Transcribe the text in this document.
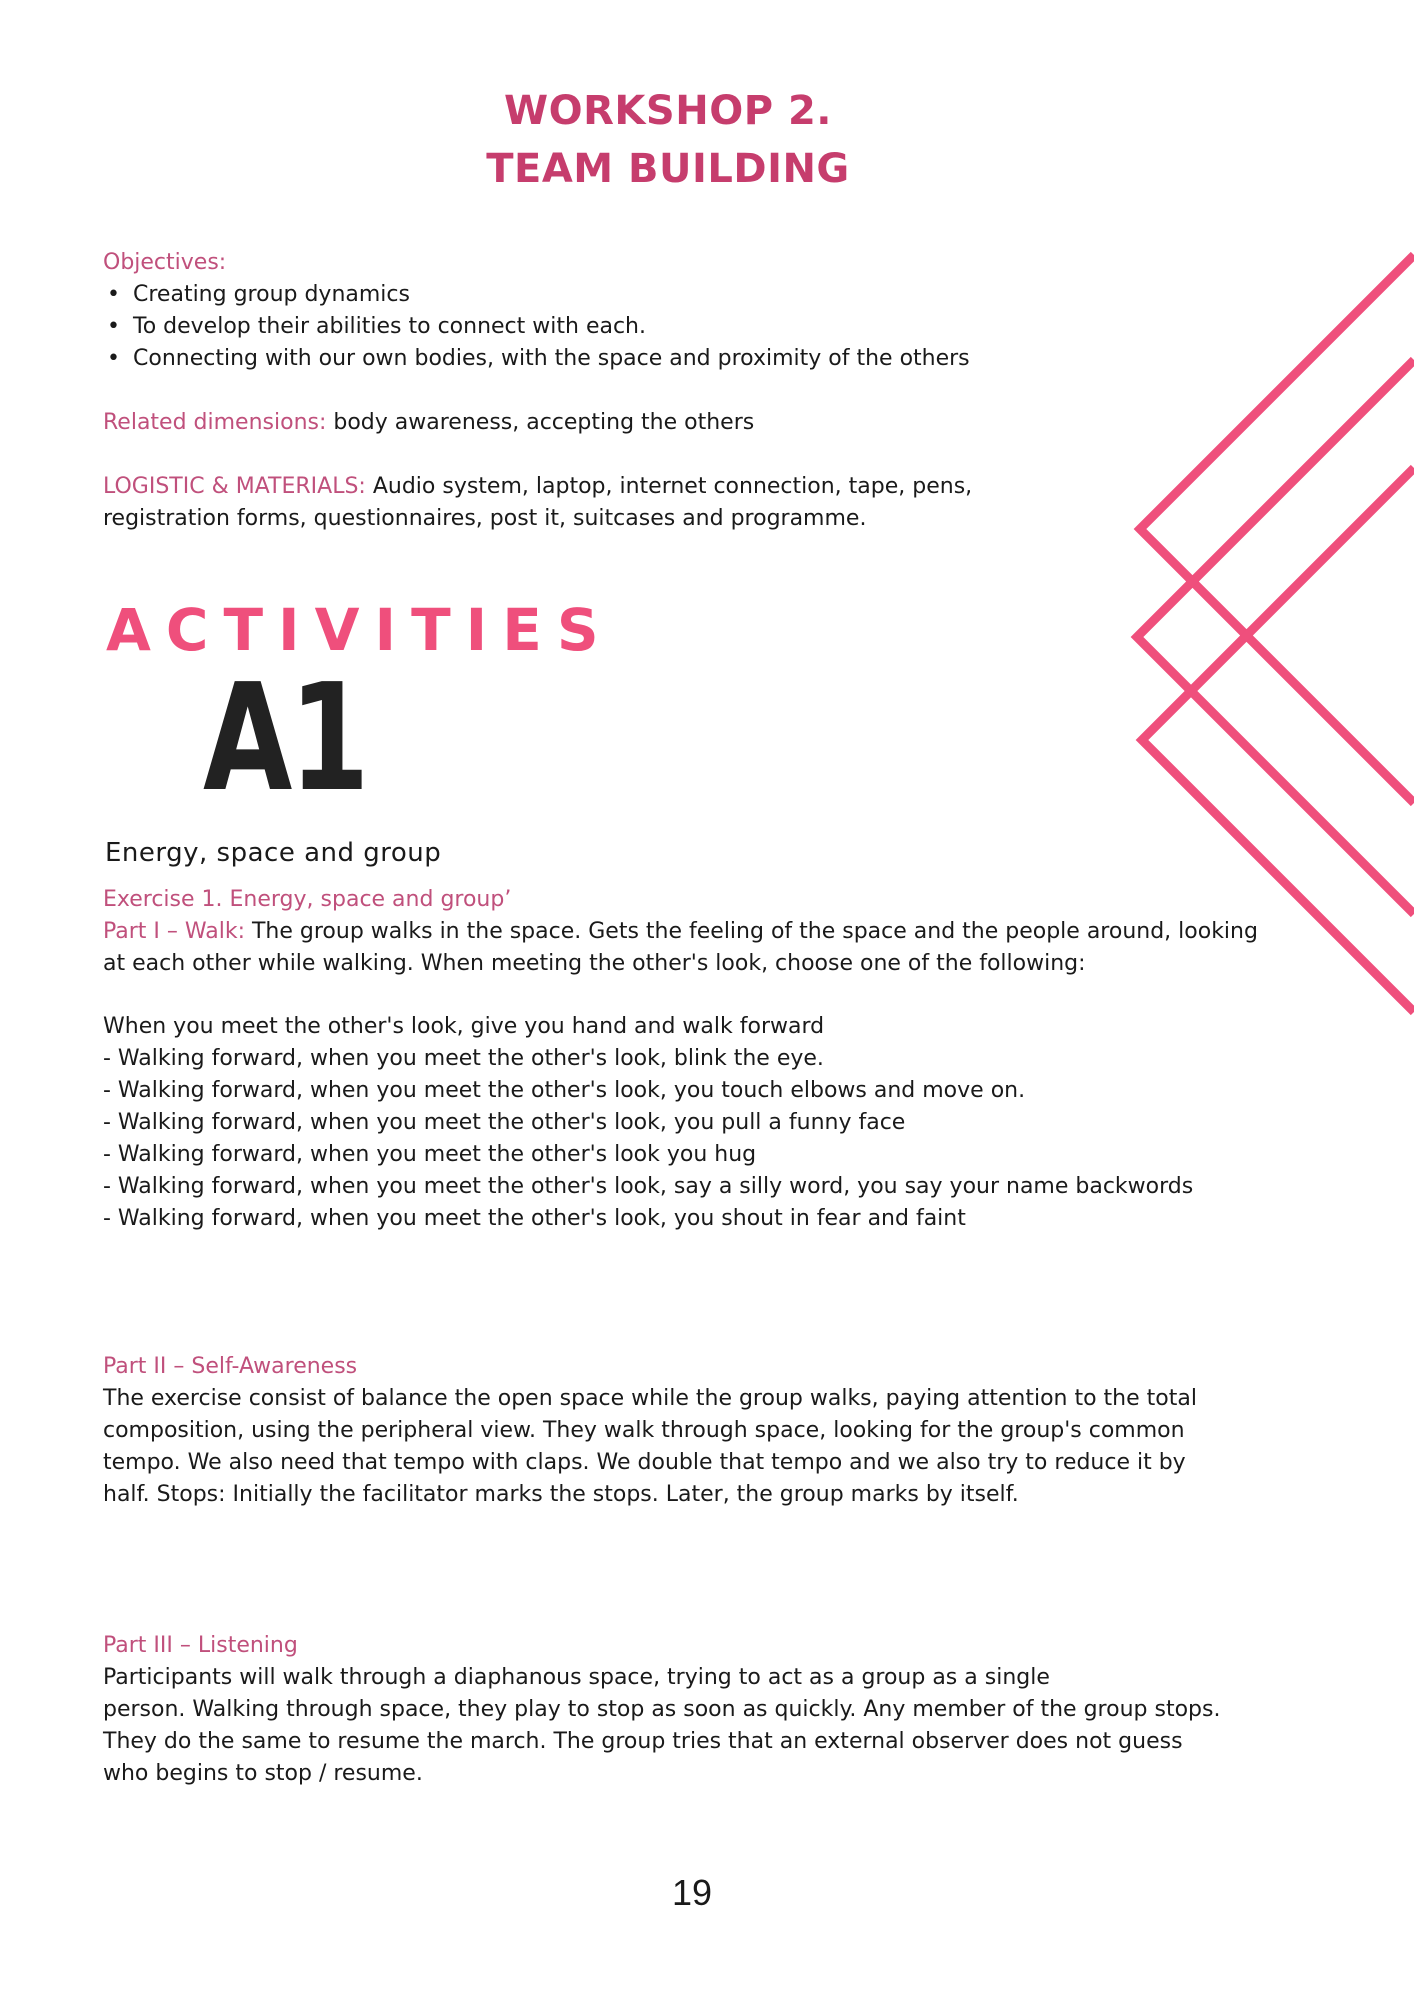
WORKSHOP 2.
TEAM BUILDING

Objectives:

• Creating group dynamics
• To develop their abilities to connect with each.
• Connecting with our own bodies, with the space and proximity of the others

Related dimensions: body awareness, accepting the others

LOGISTIC & MATERIALS: Audio system, laptop, internet connection, tape, pens,

registration forms, questionnaires, post it, suitcases and programme.

ACTIVITIES
A1
Energy, space and group

Exercise 1. Energy, space and group’

Part I – Walk: The group walks in the space. Gets the feeling of the space and the people around, looking

at each other while walking. When meeting the other's look, choose one of the following:

When you meet the other's look, give you hand and walk forward

- Walking forward, when you meet the other's look, blink the eye.

- Walking forward, when you meet the other's look, you touch elbows and move on.

- Walking forward, when you meet the other's look, you pull a funny face

- Walking forward, when you meet the other's look you hug

- Walking forward, when you meet the other's look, say a silly word, you say your name backwords

- Walking forward, when you meet the other's look, you shout in fear and faint

Part II – Self-Awareness

The exercise consist of balance the open space while the group walks, paying attention to the total

composition, using the peripheral view. They walk through space, looking for the group's common

tempo. We also need that tempo with claps. We double that tempo and we also try to reduce it by

half. Stops: Initially the facilitator marks the stops. Later, the group marks by itself.

Part III – Listening

Participants will walk through a diaphanous space, trying to act as a group as a single

person. Walking through space, they play to stop as soon as quickly. Any member of the group stops.

They do the same to resume the march. The group tries that an external observer does not guess

who begins to stop / resume.

19
